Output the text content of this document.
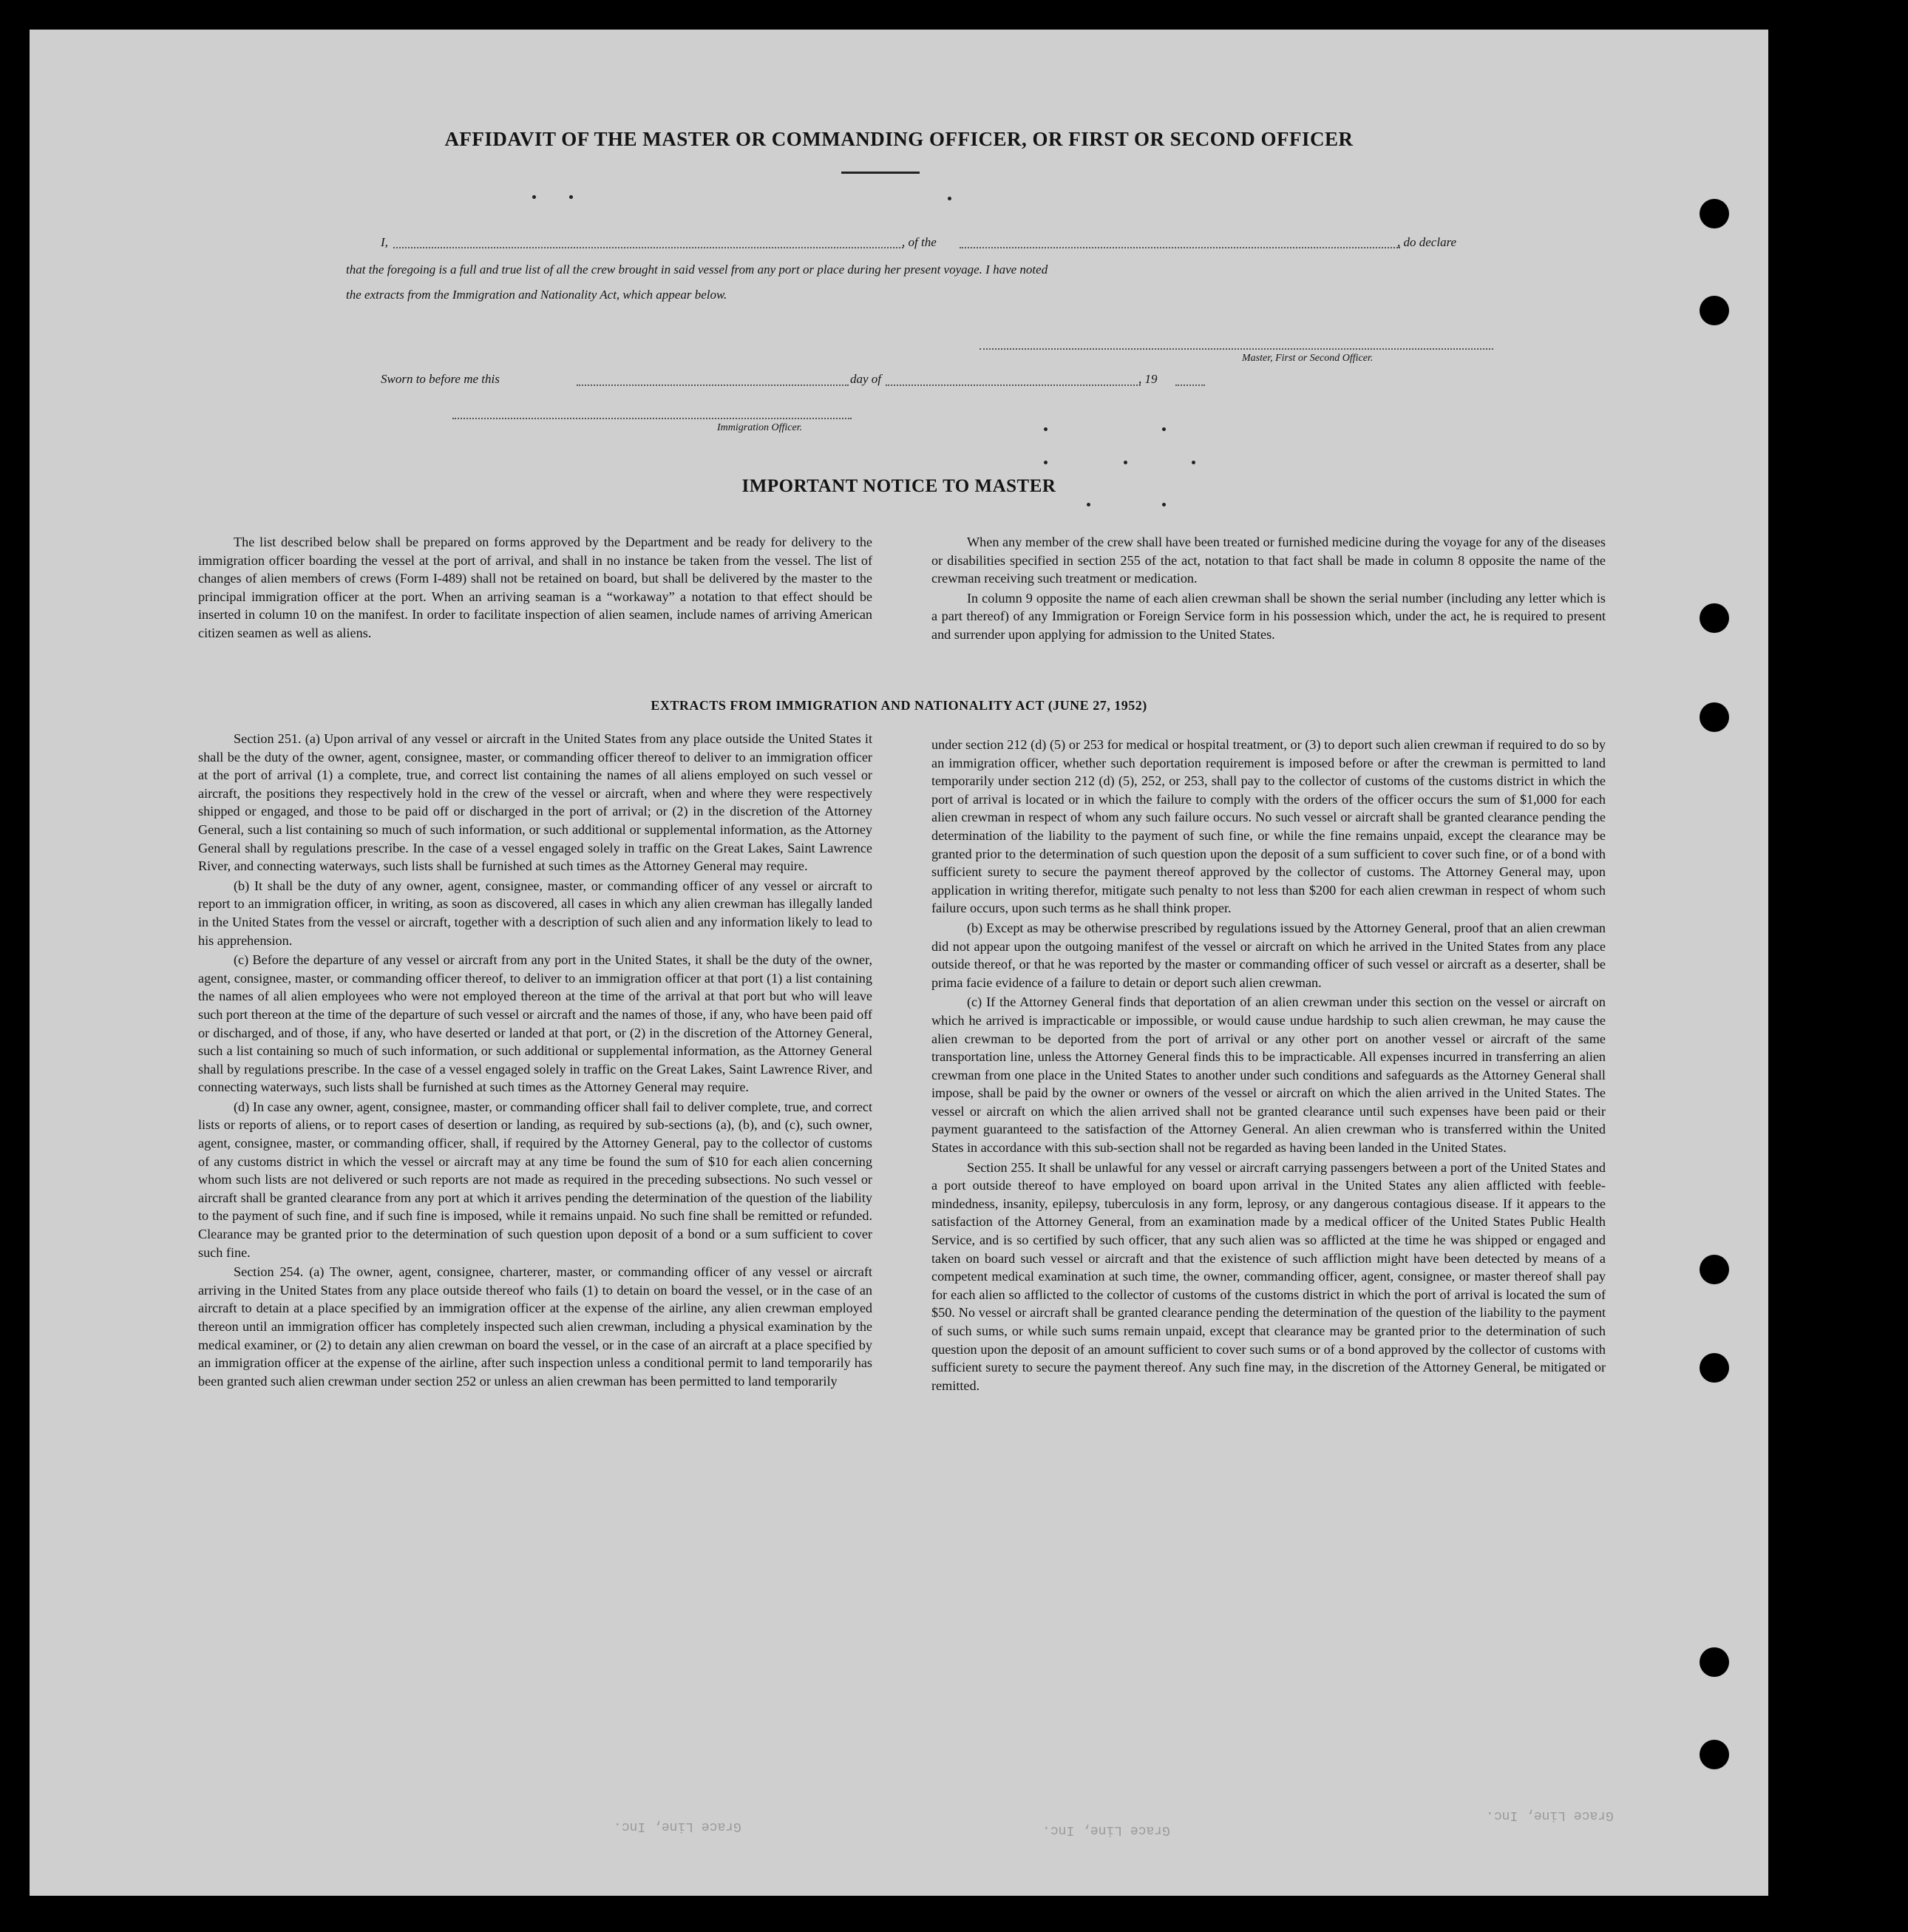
AFFIDAVIT OF THE MASTER OR COMMANDING OFFICER, OR FIRST OR SECOND OFFICER
I,	, of the	, do declare
that the foregoing is a full and true list of all the crew brought in said vessel from any port or place during her present voyage. I have noted
the extracts from the Immigration and Nationality Act, which appear below.
Master, First or Second Officer.
Sworn to before me this	day of	, 19
Immigration Officer.
IMPORTANT NOTICE TO MASTER

The list described below shall be prepared on forms approved by the Department and be ready for delivery to the immigration officer boarding the vessel at the port of arrival, and shall in no instance be taken from the vessel. The list of changes of alien members of crews (Form I-489) shall not be retained on board, but shall be delivered by the master to the principal immigration officer at the port. When an arriving seaman is a “workaway” a notation to that effect should be inserted in column 10 on the manifest. In order to facilitate inspection of alien seamen, include names of arriving American citizen seamen as well as aliens.

When any member of the crew shall have been treated or furnished medicine during the voyage for any of the diseases or disabilities specified in section 255 of the act, notation to that fact shall be made in column 8 opposite the name of the crewman receiving such treatment or medication.

In column 9 opposite the name of each alien crewman shall be shown the serial number (including any letter which is a part thereof) of any Immigration or Foreign Service form in his possession which, under the act, he is required to present and surrender upon applying for admission to the United States.

EXTRACTS FROM IMMIGRATION AND NATIONALITY ACT (JUNE 27, 1952)

Section 251. (a) Upon arrival of any vessel or aircraft in the United States from any place outside the United States it shall be the duty of the owner, agent, consignee, master, or commanding officer thereof to deliver to an immigration officer at the port of arrival (1) a complete, true, and correct list containing the names of all aliens employed on such vessel or aircraft, the positions they respectively hold in the crew of the vessel or aircraft, when and where they were respectively shipped or engaged, and those to be paid off or discharged in the port of arrival; or (2) in the discretion of the Attorney General, such a list containing so much of such information, or such additional or supplemental information, as the Attorney General shall by regulations prescribe. In the case of a vessel engaged solely in traffic on the Great Lakes, Saint Lawrence River, and connecting waterways, such lists shall be furnished at such times as the Attorney General may require.

(b) It shall be the duty of any owner, agent, consignee, master, or commanding officer of any vessel or aircraft to report to an immigration officer, in writing, as soon as discovered, all cases in which any alien crewman has illegally landed in the United States from the vessel or aircraft, together with a description of such alien and any information likely to lead to his apprehension.

(c) Before the departure of any vessel or aircraft from any port in the United States, it shall be the duty of the owner, agent, consignee, master, or commanding officer thereof, to deliver to an immigration officer at that port (1) a list containing the names of all alien employees who were not employed thereon at the time of the arrival at that port but who will leave such port thereon at the time of the departure of such vessel or aircraft and the names of those, if any, who have been paid off or discharged, and of those, if any, who have deserted or landed at that port, or (2) in the discretion of the Attorney General, such a list containing so much of such information, or such additional or supplemental information, as the Attorney General shall by regulations prescribe. In the case of a vessel engaged solely in traffic on the Great Lakes, Saint Lawrence River, and connecting waterways, such lists shall be furnished at such times as the Attorney General may require.

(d) In case any owner, agent, consignee, master, or commanding officer shall fail to deliver complete, true, and correct lists or reports of aliens, or to report cases of desertion or landing, as required by sub-sections (a), (b), and (c), such owner, agent, consignee, master, or commanding officer, shall, if required by the Attorney General, pay to the collector of customs of any customs district in which the vessel or aircraft may at any time be found the sum of $10 for each alien concerning whom such lists are not delivered or such reports are not made as required in the preceding subsections. No such vessel or aircraft shall be granted clearance from any port at which it arrives pending the determination of the question of the liability to the payment of such fine, and if such fine is imposed, while it remains unpaid. No such fine shall be remitted or refunded. Clearance may be granted prior to the determination of such question upon deposit of a bond or a sum sufficient to cover such fine.

Section 254. (a) The owner, agent, consignee, charterer, master, or commanding officer of any vessel or aircraft arriving in the United States from any place outside thereof who fails (1) to detain on board the vessel, or in the case of an aircraft to detain at a place specified by an immigration officer at the expense of the airline, any alien crewman employed thereon until an immigration officer has completely inspected such alien crewman, including a physical examination by the medical examiner, or (2) to detain any alien crewman on board the vessel, or in the case of an aircraft at a place specified by an immigration officer at the expense of the airline, after such inspection unless a conditional permit to land temporarily has been granted such alien crewman under section 252 or unless an alien crewman has been permitted to land temporarily

under section 212 (d) (5) or 253 for medical or hospital treatment, or (3) to deport such alien crewman if required to do so by an immigration officer, whether such deportation requirement is imposed before or after the crewman is permitted to land temporarily under section 212 (d) (5), 252, or 253, shall pay to the collector of customs of the customs district in which the port of arrival is located or in which the failure to comply with the orders of the officer occurs the sum of $1,000 for each alien crewman in respect of whom any such failure occurs. No such vessel or aircraft shall be granted clearance pending the determination of the liability to the payment of such fine, or while the fine remains unpaid, except the clearance may be granted prior to the determination of such question upon the deposit of a sum sufficient to cover such fine, or of a bond with sufficient surety to secure the payment thereof approved by the collector of customs. The Attorney General may, upon application in writing therefor, mitigate such penalty to not less than $200 for each alien crewman in respect of whom such failure occurs, upon such terms as he shall think proper.

(b) Except as may be otherwise prescribed by regulations issued by the Attorney General, proof that an alien crewman did not appear upon the outgoing manifest of the vessel or aircraft on which he arrived in the United States from any place outside thereof, or that he was reported by the master or commanding officer of such vessel or aircraft as a deserter, shall be prima facie evidence of a failure to detain or deport such alien crewman.

(c) If the Attorney General finds that deportation of an alien crewman under this section on the vessel or aircraft on which he arrived is impracticable or impossible, or would cause undue hardship to such alien crewman, he may cause the alien crewman to be deported from the port of arrival or any other port on another vessel or aircraft of the same transportation line, unless the Attorney General finds this to be impracticable. All expenses incurred in transferring an alien crewman from one place in the United States to another under such conditions and safeguards as the Attorney General shall impose, shall be paid by the owner or owners of the vessel or aircraft on which the alien arrived in the United States. The vessel or aircraft on which the alien arrived shall not be granted clearance until such expenses have been paid or their payment guaranteed to the satisfaction of the Attorney General. An alien crewman who is transferred within the United States in accordance with this sub-section shall not be regarded as having been landed in the United States.

Section 255. It shall be unlawful for any vessel or aircraft carrying passengers between a port of the United States and a port outside thereof to have employed on board upon arrival in the United States any alien afflicted with feeble-mindedness, insanity, epilepsy, tuberculosis in any form, leprosy, or any dangerous contagious disease. If it appears to the satisfaction of the Attorney General, from an examination made by a medical officer of the United States Public Health Service, and is so certified by such officer, that any such alien was so afflicted at the time he was shipped or engaged and taken on board such vessel or aircraft and that the existence of such affliction might have been detected by means of a competent medical examination at such time, the owner, commanding officer, agent, consignee, or master thereof shall pay for each alien so afflicted to the collector of customs of the customs district in which the port of arrival is located the sum of $50. No vessel or aircraft shall be granted clearance pending the determination of the question of the liability to the payment of such sums, or while such sums remain unpaid, except that clearance may be granted prior to the determination of such question upon the deposit of an amount sufficient to cover such sums or of a bond approved by the collector of customs with sufficient surety to secure the payment thereof. Any such fine may, in the discretion of the Attorney General, be mitigated or remitted.

Grace Line, Inc.	Grace Line, Inc.
Grace Line, Inc.
